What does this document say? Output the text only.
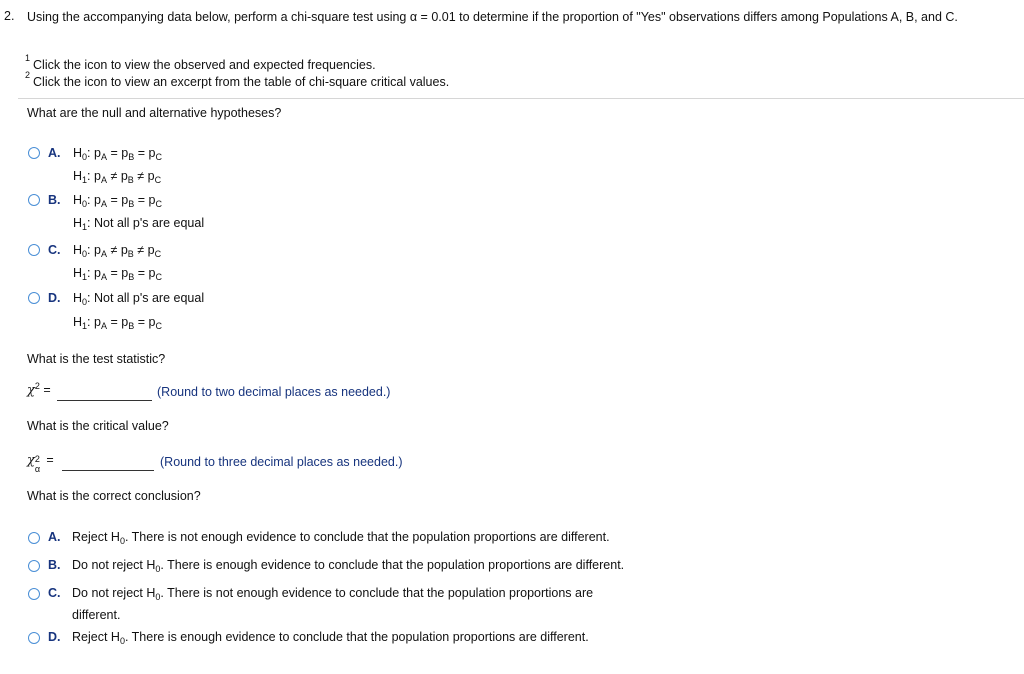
2. Using the accompanying data below, perform a chi-square test using α = 0.01 to determine if the proportion of "Yes" observations differs among Populations A, B, and C.
$^1$Click the icon to view the observed and expected frequencies.
$^2$Click the icon to view an excerpt from the table of chi-square critical values.
What are the null and alternative hypotheses?
A. $H_0$: $p_A = p_B = p_C$
$H_1$: $p_A \ne p_B \ne p_C$
B. $H_0$: $p_A = p_B = p_C$
$H_1$: Not all p's are equal
C. $H_0$: $p_A \ne p_B \ne p_C$
$H_1$: $p_A = p_B = p_C$
D. $H_0$: Not all p's are equal
$H_1$: $p_A = p_B = p_C$
What is the test statistic?
$\chi^2$ =	(Round to two decimal places as needed.)
What is the critical value?
χ 2
α
=	(Round to three decimal places as needed.)
What is the correct conclusion?
A. Reject $H_0$. There is not enough evidence to conclude that the population proportions are different.
B. Do not reject $H_0$. There is enough evidence to conclude that the population proportions are different.
C. Do not reject $H_0$. There is not enough evidence to conclude that the population proportions are
different.
D. Reject $H_0$. There is enough evidence to conclude that the population proportions are different.
